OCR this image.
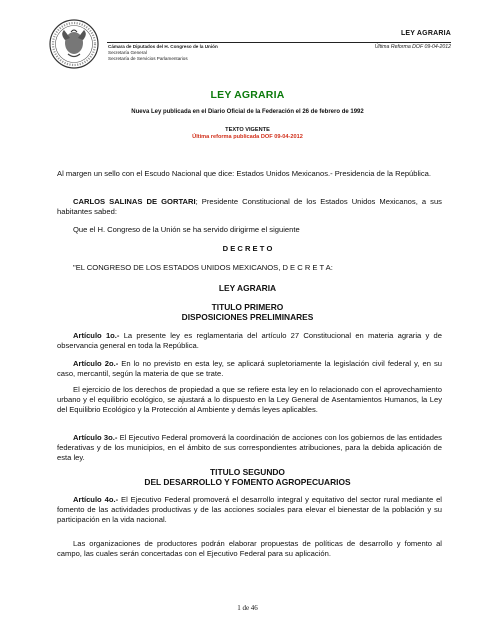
LEY AGRARIA
Cámara de Diputados del H. Congreso de la Unión
Secretaría General
Secretaría de Servicios Parlamentarios
Última Reforma DOF 09-04-2012
LEY AGRARIA
Nueva Ley publicada en el Diario Oficial de la Federación el 26 de febrero de 1992
TEXTO VIGENTE
Última reforma publicada DOF 09-04-2012
Al margen un sello con el Escudo Nacional que dice: Estados Unidos Mexicanos.- Presidencia de la República.
CARLOS SALINAS DE GORTARI; Presidente Constitucional de los Estados Unidos Mexicanos, a sus habitantes sabed:
Que el H. Congreso de la Unión se ha servido dirigirme el siguiente
D E C R E T O
"EL CONGRESO DE LOS ESTADOS UNIDOS MEXICANOS, D E C R E T A:
LEY AGRARIA
TITULO PRIMERO
DISPOSICIONES PRELIMINARES
Artículo 1o.- La presente ley es reglamentaria del artículo 27 Constitucional en materia agraria y de observancia general en toda la República.
Artículo 2o.- En lo no previsto en esta ley, se aplicará supletoriamente la legislación civil federal y, en su caso, mercantil, según la materia de que se trate.
El ejercicio de los derechos de propiedad a que se refiere esta ley en lo relacionado con el aprovechamiento urbano y el equilibrio ecológico, se ajustará a lo dispuesto en la Ley General de Asentamientos Humanos, la Ley del Equilibrio Ecológico y la Protección al Ambiente y demás leyes aplicables.
Artículo 3o.- El Ejecutivo Federal promoverá la coordinación de acciones con los gobiernos de las entidades federativas y de los municipios, en el ámbito de sus correspondientes atribuciones, para la debida aplicación de esta ley.
TITULO SEGUNDO
DEL DESARROLLO Y FOMENTO AGROPECUARIOS
Artículo 4o.- El Ejecutivo Federal promoverá el desarrollo integral y equitativo del sector rural mediante el fomento de las actividades productivas y de las acciones sociales para elevar el bienestar de la población y su participación en la vida nacional.
Las organizaciones de productores podrán elaborar propuestas de políticas de desarrollo y fomento al campo, las cuales serán concertadas con el Ejecutivo Federal para su aplicación.
1 de 46
